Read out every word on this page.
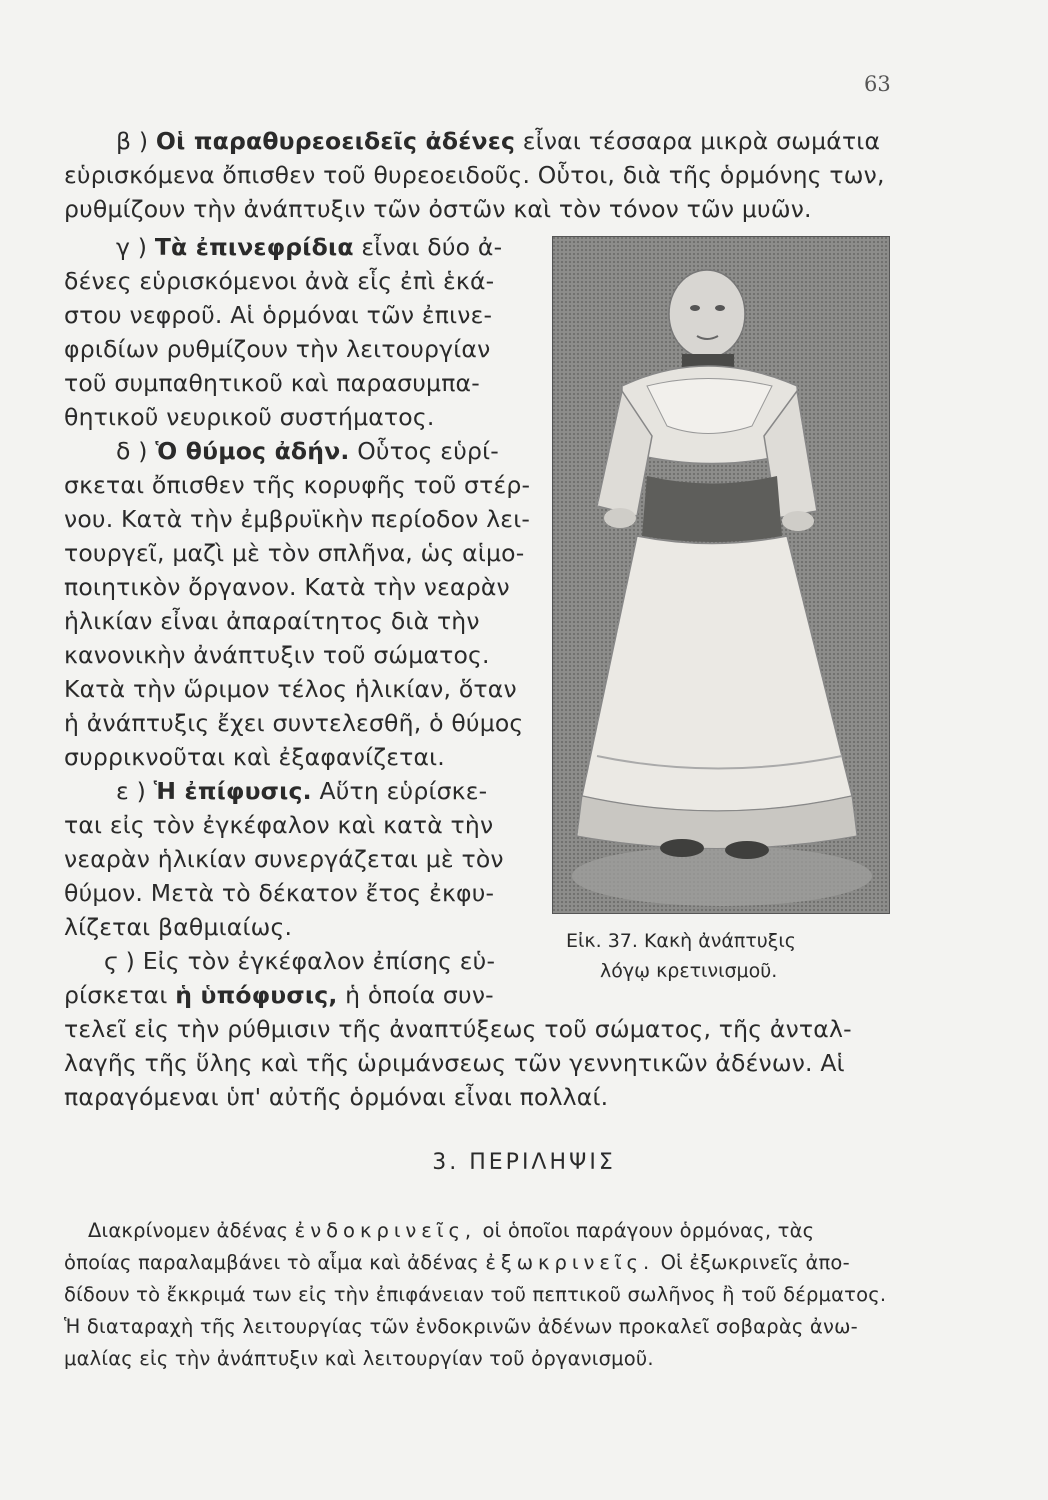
63
β ) Οἱ παραθυρεοειδεῖς ἀδένες εἶναι τέσσαρα μικρὰ σωμάτια
εὑρισκόμενα ὄπισθεν τοῦ θυρεοειδοῦς. Οὗτοι, διὰ τῆς ὁρμόνης των,
ρυθμίζουν τὴν ἀνάπτυξιν τῶν ὀστῶν καὶ τὸν τόνον τῶν μυῶν.
γ ) Τὰ ἐπινεφρίδια εἶναι δύο ἀ-
δένες εὑρισκόμενοι ἀνὰ εἷς ἐπὶ ἑκά-
στου νεφροῦ. Αἱ ὁρμόναι τῶν ἐπινε-
φριδίων ρυθμίζουν τὴν λειτουργίαν
τοῦ συμπαθητικοῦ καὶ παρασυμπα-
θητικοῦ νευρικοῦ συστήματος.
δ ) Ὁ θύμος ἀδήν. Οὗτος εὑρί-
σκεται ὄπισθεν τῆς κορυφῆς τοῦ στέρ-
νου. Κατὰ τὴν ἐμβρυϊκὴν περίοδον λει-
τουργεῖ, μαζὶ μὲ τὸν σπλῆνα, ὡς αἱμο-
ποιητικὸν ὄργανον. Κατὰ τὴν νεαρὰν
ἡλικίαν εἶναι ἀπαραίτητος διὰ τὴν
κανονικὴν ἀνάπτυξιν τοῦ σώματος.
Κατὰ τὴν ὥριμον τέλος ἡλικίαν, ὅταν
ἡ ἀνάπτυξις ἔχει συντελεσθῆ, ὁ θύμος
συρρικνοῦται καὶ ἐξαφανίζεται.
ε ) Ἡ ἐπίφυσις. Αὕτη εὑρίσκε-
ται εἰς τὸν ἐγκέφαλον καὶ κατὰ τὴν
νεαρὰν ἡλικίαν συνεργάζεται μὲ τὸν
θύμον. Μετὰ τὸ δέκατον ἔτος ἐκφυ-
λίζεται βαθμιαίως.
ϛ ) Εἰς τὸν ἐγκέφαλον ἐπίσης εὑ-
ρίσκεται ἡ ὑπόφυσις, ἡ ὁποία συν-
τελεῖ εἰς τὴν ρύθμισιν τῆς ἀναπτύξεως τοῦ σώματος, τῆς ἀνταλ-
λαγῆς τῆς ὕλης καὶ τῆς ὡριμάνσεως τῶν γεννητικῶν ἀδένων. Αἱ
παραγόμεναι ὑπ' αὐτῆς ὁρμόναι εἶναι πολλαί.
Εἰκ. 37. Κακὴ ἀνάπτυξις
λόγῳ κρετινισμοῦ.
3. ΠΕΡΙΛΗΨΙΣ
Διακρίνομεν ἀδένας ἐνδοκρινεῖς, οἱ ὁποῖοι παράγουν ὁρμόνας, τὰς
ὁποίας παραλαμβάνει τὸ αἷμα καὶ ἀδένας ἐξωκρινεῖς. Οἱ ἐξωκρινεῖς ἀπο-
δίδουν τὸ ἔκκριμά των εἰς τὴν ἐπιφάνειαν τοῦ πεπτικοῦ σωλῆνος ἢ τοῦ δέρματος.
Ἡ διαταραχὴ τῆς λειτουργίας τῶν ἐνδοκρινῶν ἀδένων προκαλεῖ σοβαρὰς ἀνω-
μαλίας εἰς τὴν ἀνάπτυξιν καὶ λειτουργίαν τοῦ ὀργανισμοῦ.
